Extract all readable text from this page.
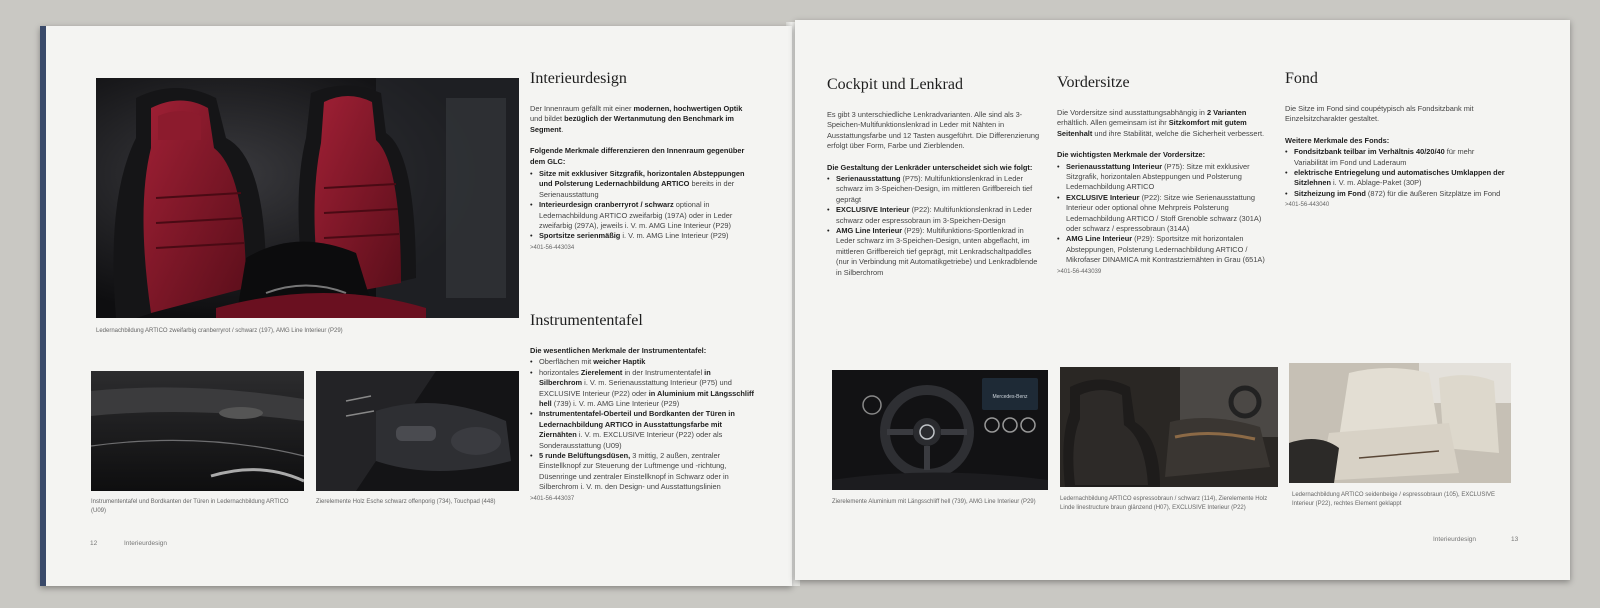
Ledernachbildung ARTICO zweifarbig cranberryrot / schwarz (197), AMG Line Interieur (P29)
Instrumententafel und Bordkanten der Türen in Ledernachbildung ARTICO (U09)
Zierelemente Holz Esche schwarz offenporig (734), Touchpad (448)
Interieurdesign

Der Innenraum gefällt mit einer modernen, hochwertigen Optik und bildet bezüglich der Wertanmutung den Benchmark im Segment.

Folgende Merkmale differenzieren den Innenraum gegenüber dem GLC:

• Sitze mit exklusiver Sitzgrafik, horizontalen Absteppungen und Polsterung Ledernachbildung ARTICO bereits in der Serienausstattung
• Interieurdesign cranberryrot / schwarz optional in Ledernachbildung ARTICO zweifarbig (197A) oder in Leder zweifarbig (297A), jeweils i. V. m. AMG Line Interieur (P29)
• Sportsitze serienmäßig i. V. m. AMG Line Interieur (P29)
>401-56-443034
Instrumententafel

Die wesentlichen Merkmale der Instrumententafel:

• Oberflächen mit weicher Haptik
• horizontales Zierelement in der Instrumententafel in Silberchrom i. V. m. Serienausstattung Interieur (P75) und EXCLUSIVE Interieur (P22) oder in Aluminium mit Längsschliff hell (739) i. V. m. AMG Line Interieur (P29)
• Instrumententafel-Oberteil und Bordkanten der Türen in Ledernachbildung ARTICO in Ausstattungsfarbe mit Ziernähten i. V. m. EXCLUSIVE Interieur (P22) oder als Sonderausstattung (U09)
• 5 runde Belüftungsdüsen, 3 mittig, 2 außen, zentraler Einstellknopf zur Steuerung der Luftmenge und -richtung, Düsenringe und zentraler Einstellknopf in Schwarz oder in Silberchrom i. V. m. den Design- und Ausstattungslinien
>401-56-443037
12	Interieurdesign
Cockpit und Lenkrad

Es gibt 3 unterschiedliche Lenkradvarianten. Alle sind als 3-Speichen-Multifunktionslenkrad in Leder mit Nähten in Ausstattungsfarbe und 12 Tasten ausgeführt. Die Differenzierung erfolgt über Form, Farbe und Zierblenden.

Die Gestaltung der Lenkräder unterscheidet sich wie folgt:

• Serienausstattung (P75): Multifunktionslenkrad in Leder schwarz im 3-Speichen-Design, im mittleren Griffbereich tief geprägt
• EXCLUSIVE Interieur (P22): Multifunktionslenkrad in Leder schwarz oder espressobraun im 3-Speichen-Design
• AMG Line Interieur (P29): Multifunktions-Sportlenkrad in Leder schwarz im 3-Speichen-Design, unten abgeflacht, im mittleren Griffbereich tief geprägt, mit Lenkradschaltpaddles (nur in Verbindung mit Automatikgetriebe) und Lenkradblende in Silberchrom
Vordersitze

Die Vordersitze sind ausstattungsabhängig in 2 Varianten erhältlich. Allen gemeinsam ist ihr Sitzkomfort mit gutem Seitenhalt und ihre Stabilität, welche die Sicherheit verbessert.

Die wichtigsten Merkmale der Vordersitze:

• Serienausstattung Interieur (P75): Sitze mit exklusiver Sitzgrafik, horizontalen Absteppungen und Polsterung Ledernachbildung ARTICO
• EXCLUSIVE Interieur (P22): Sitze wie Serienausstattung Interieur oder optional ohne Mehrpreis Polsterung Ledernachbildung ARTICO / Stoff Grenoble schwarz (301A) oder schwarz / espressobraun (314A)
• AMG Line Interieur (P29): Sportsitze mit horizontalen Absteppungen, Polsterung Ledernachbildung ARTICO / Mikrofaser DINAMICA mit Kontrastziernähten in Grau (651A)
>401-56-443039
Fond

Die Sitze im Fond sind coupétypisch als Fondsitzbank mit Einzelsitzcharakter gestaltet.

Weitere Merkmale des Fonds:

• Fondsitzbank teilbar im Verhältnis 40/20/40 für mehr Variabilität im Fond und Laderaum
• elektrische Entriegelung und automatisches Umklappen der Sitzlehnen i. V. m. Ablage-Paket (30P)
• Sitzheizung im Fond (872) für die äußeren Sitzplätze im Fond
>401-56-443040
Mercedes-Benz
Zierelemente Aluminium mit Längsschliff hell (739), AMG Line Interieur (P29)	Ledernachbildung ARTICO espressobraun / schwarz (114), Zierelemente Holz Linde linestructure braun glänzend (H07), EXCLUSIVE Interieur (P22)
Ledernachbildung ARTICO seidenbeige / espressobraun (105), EXCLUSIVE Interieur (P22), rechtes Element geklappt
Interieurdesign	13
